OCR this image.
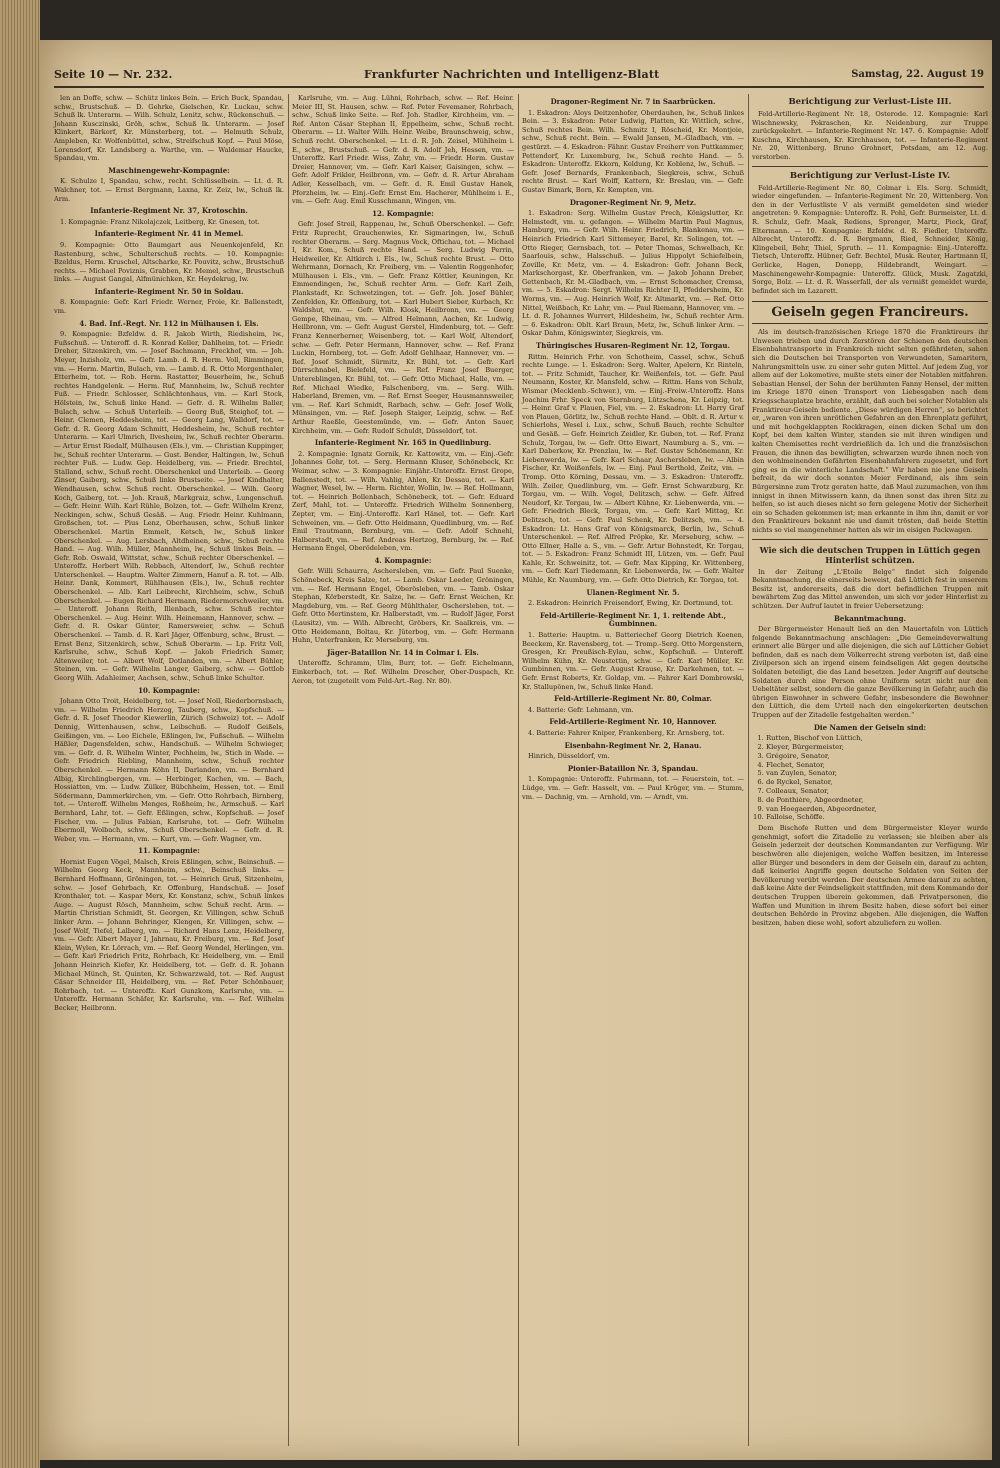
Seite 10 — Nr. 232.	Frankfurter Nachrichten und Intelligenz-Blatt	Samstag, 22. August 19

len an Doffe, schw. — Schütz linkes Bein. — Erich Buck, Spandau, schw., Brustschuß. — D. Gehrke, Gielschen, Kr. Luckau, schw. Schuß lk. Unterarm. — Wilh. Schulz, Lenitz, schw., Rückenschuß. — Johann Kusczinski, Gröh, schw., Schuß lk. Unterarm. — Josef Klinkert, Bärkorf, Kr. Münsterberg, tot. — Helmuth Schulz, Ampleben, Kr. Wolfenbüttel, schw., Streifschuß Kopf. — Paul Möse, Lorensdorf, Kr. Landsberg a. Warthe, vm. — Waldemar Haucke, Spandau, vm.

Maschinengewehr-Kompagnie:

K. Schulze I, Spandau, schw., recht. Schlüsselbein. — Lt. d. R. Walchner, tot. — Ernst Bergmann, Laxna, Kr. Zeiz, lw., Schuß lk. Arm.

Infanterie-Regiment Nr. 37, Krotoschin.

1. Kompagnie: Franz Nikolajczek, Leitberg, Kr. Gnesen, tot.

Infanterie-Regiment Nr. 41 in Memel.

9. Kompagnie: Otto Baumgart aus Neuenkojenfeld, Kr. Rastenburg, schw., Schulterschuß rechts. — 10. Kompagnie: Bzeldus, Herm. Kruschel, Altscharke, Kr. Pouvitz, schw., Brustschuß rechts. — Michael Poviznis, Grabben, Kr. Memel, schw., Brustschuß links. — August Gangal, Alfmünichken, Kr. Heydekrug, lw.

Infanterie-Regiment Nr. 50 in Soldau.

8. Kompagnie: Gefr. Karl Friedr. Werner, Froie, Kr. Ballenstedt, vm.

4. Bad. Inf.-Regt. Nr. 112 in Mülhausen i. Els.

9. Kompagnie: Bzfeldw. d. R. Jakob Wirth, Riedisheim, lw., Fußschuß. — Unteroff. d. R. Konrad Keller, Dahlheim, tot. — Friedr. Dreher, Sitzenkirch, vm. — Josef Bachmann, Freckhof, vm. — Joh. Meyer, Inzisholz, vm. — Gefr. Lamb. d. R. Herm. Voll, Rimmingen, vm. — Herm. Martin, Bulach, vm. — Lamb. d. R. Otto Morgenthaler, Etterheim, tot. — Rob. Herm. Rastatter, Beuerheim, lw., Schuß rechtes Handgelenk. — Herm. Ruf, Mannheim, lw., Schuß rechter Fuß. — Friedr. Schlosser, Schlächtenhaus, vm. — Karl Stock, Hölstein, lw., Schuß linke Hand. — Gefr. d. R. Wilhelm Baller, Bulach, schw. — Schuß Unterleib. — Georg Buß, Steighof, tot. — Heinr. Clemen, Heddesheim, tot. — Georg Lang, Walldorf, tot. — Gefr. d. R. Georg Adam Schmitt, Heddesheim, lw., Schuß rechter Unterarm. — Karl Ulmrich, Ilvesheim, lw., Schuß rechter Oberarm. — Artur Ernst Riedalf, Mülhausen (Els.), vm. — Christian Kuppinger, lw., Schuß rechter Unterarm. — Gust. Bender, Haltingen, lw., Schuß rechter Fuß. — Ludw. Gep. Heidelberg, vm. — Friedr. Brechtel, Stalland, schw., Schuß recht. Oberschenkel und Unterleib. — Georg Zinser, Gaiberg, schw., Schuß linke Brustseite. — Josef Kindhalter, Wendhausen, schw. Schuß recht. Oberschenkel. — Wilh. Georg Koch, Gaiberg, tot. — Joh. Krauß, Markgraiz, schw., Lungenschuß. — Gefr. Heinr. Wilh. Karl Rühle, Bolzen, tot. — Gefr. Wilhelm Krenz, Neckingen, schw., Schuß Gesäß. — Aug. Friedr. Heinr. Kuhlmann, Großschen, tot. — Pius Lenz, Oberhausen, schw., Schuß linker Oberschenkel. Martin Emmelt, Ketsch, lw., Schuß linker Oberschenkel. — Aug. Lersbach, Altdheinen, schw., Schuß rechte Hand. — Aug. Wilh. Müller, Mannheim, lw., Schuß linkes Bein. — Gefr. Rob. Oswald, Wittstat, schw., Schuß rechter Oberschenkel. — Unteroffz. Herbert Wilh. Rebbach, Altendorf, lw., Schuß rechter Unterschenkel. — Hauptm. Walter Zimmern, Hanuf a. R. tot. — Alb. Heinr. Dank, Kommert, Rühlhausen (Els.), lw., Schuß rechter Oberschenkel. — Alb. Karl Leibrecht, Kirchheim, schw., Schuß Oberschenkel. — Eugen Richard Hermann, Riedermorschweiler, vm. — Unteroff. Johann Reith, Illenbach, schw. Schuß rechter Oberschenkel. — Aug. Heinr. Wilh. Heinemann, Hannover, schw. — Gefr. d. R. Oskar Günter, Ramersweier, schw. — Schuß Oberschenkel. — Tamb. d. R. Karl Jäger, Offenburg, schw., Brust. — Ernst Benz, Sitzenkirch, schw., Schuß Oberarm. — Lp. Fritz Voll, Karlsruhe, schw., Schuß Kopf. — Jakob Friedrich Samer, Altenweiler, tot. — Albert Wolf, Dotlanden, vm. — Albert Bühler, Steinen, vm. — Gefr. Wilhelm Langer, Gaiberg, schw. — Gottlob Georg Wilh. Adahleimer, Aachsen, schw., Schuß linke Schulter.

10. Kompagnie:

Johann Otto Troit, Heidelberg, tot. — Josef Noll, Riederbornsbach, vm. — Wilhelm Friedrich Herzog, Tauberg, schw., Kopfschuß. — Gefr. d. R. Josef Theodor Kiewerlin, Zürich (Schweiz) tot. — Adolf Dennig, Wittenhausen, schw., Leibschuß. — Rudolf Geißels, Geißingen, vm. — Leo Eichele, Eßlingen, lw., Fußschuß. — Wilhelm Häßler, Dagensfelden, schw., Handschuß. — Wilhelm Schwieger, vm. — Gefr. d. R. Wilhelm Winter, Pochheim, lw., Stich in Wade. — Gefr. Friedrich Riebling, Mannheim, schw., Schuß rechter Oberschenkel. — Hermann Köhn II, Darlanden, vm. — Bernhard Albig, Kirchlingbergen, vm. — Herbinger, Kachen, vm. — Bach, Hossiatten, vm. — Ludw. Zülker, Bübchheim, Hessen, tot. — Emil Södermann, Dammerkirchen, vm. — Gefr. Otto Rohrbach, Birnberg, tot. — Unteroff. Wilhelm Menges, Roßheim, lw., Armschuß. — Karl Bernhard, Lahr, tot. — Gefr. Eßlingen, schw., Kopfschuß. — Josef Fischer, vm. — Julius Fabian, Karlsruhe, tot. — Gefr. Wilhelm Ebermoll, Wolbach, schw., Schuß Oberschenkel. — Gefr. d. R. Weber, vm. — Hermann, vm. — Kurt, vm. — Gefr. Wagner, vm.

11. Kompagnie:

Hornist Eugen Vögel, Malsch, Kreis Eßlingen, schw., Beinschuß. — Wilhelm Georg Keck, Mannheim, schw., Beinschuß links. — Bernhard Hoffmann, Gröningen, tot. — Heinrich Gruß, Sitzenheim, schw. — Josef Gehrbach, Kr. Offenburg, Handschuß. — Josef Kronthaler, tot. — Kaspar Merx, Kr. Konstanz, schw., Schuß linkes Auge. — August Rösch, Mannheim, schw. Schuß recht. Arm. — Martin Christian Schmidt, St. Georgen, Kr. Villingen, schw. Schuß linker Arm. — Johann Behringer, Klengen, Kr. Villingen, schw. — Josef Wolf, Tiefel, Lalberg, vm. — Richard Hans Lenz, Heidelberg, vm. — Gefr. Albert Mayer I, Jahrnau, Kr. Freiburg, vm. — Ref. Josef Klein, Wylen, Kr. Lörrach, vm. — Ref. Georg Wendel, Herlingen, vm. — Gefr. Karl Friedrich Fritz, Rohrbach, Kr. Heidelberg, vm. — Emil Johann Heinrich Kiefer, Kr. Heidelberg, tot. — Gefr. d. R. Johann Michael Münch, St. Quinten, Kr. Schwarzwald, tot. — Ref. August Cäsar Schneider III, Heidelberg, vm. — Ref. Peter Schönbauer, Rohrbach, tot. — Unteroffz. Karl Gunzkom, Karlsruhe, vm. — Unteroffz. Hermann Schäfer, Kr. Karlsruhe, vm. — Ref. Wilhelm Becker, Heilbronn.

Karlsruhe, vm. — Aug. Lühni, Rohrbach, schw. — Ref. Heinr. Meier III, St. Hausen, schw. — Ref. Peter Fevemaner, Rohrbach, schw., Schuß linke Seite. — Ref. Joh. Stadler, Kirchheim, vm. — Ref. Anton Cäsar Stephan II, Eppelheim, schw., Schuß recht. Oberarm. — Lt. Walter Wilh. Heinr. Weibe, Braunschweig, schw., Schuß recht. Oberschenkel. — Lt. d. R. Joh. Zeisel, Mühlheim i. E., schw., Brustschuß. — Gefr. d. R. Adolf Jeh, Hessen, vm. — Unteroffz. Karl Friedr. Wiss, Zahr, vm. — Friedr. Herm. Gustav Dreier, Hannover, vm. — Gefr. Karl Kaiser, Gaisingen, schw. — Gefr. Adolf Frikler, Heilbronn, vm. — Gefr. d. R. Artur Abraham Adler, Kesselbach, vm. — Gefr. d. R. Emil Gustav Hanek, Pforzheim, lw. — Einj.-Gefr. Ernst Em. Hacherer, Mühlheim i. E., vm. — Gefr. Aug. Emil Kusschmann, Wingen, vm.

12. Kompagnie:

Gefr. Josef Streil, Rappenau, lw., Schuß Oberschenkel. — Gefr. Fritz Ruprecht, Grauchenwies, Kr. Sigmaringen, lw., Schuß rechter Oberarm. — Serg. Magnus Vock, Oftichau, tot. — Michael I, Kr. Kom., Schuß rechte Hand. — Serg. Ludwig Perrin, Heidweiler, Kr. Altkirch i. Els., lw., Schuß rechte Brust. — Otto Wehrmann, Dornach, Kr. Freiberg, vm. — Valentin Roggenhofer, Mülhausen i. Els., vm. — Gefr. Franz Köttler, Keuningen, Kr. Emmendingen, lw., Schuß rechter Arm. — Gefr. Karl Zeih, Plankstadt, Kr. Schwetzingen, tot. — Gefr. Joh. Josef Bühler, Zenfelden, Kr. Offenburg, tot. — Karl Hubert Sieber, Kurbach, Kr. Waldshut, vm. — Gefr. Wilh. Klosk, Heilbronn, vm. — Georg Gempe, Rheinau, vm. — Alfred Helmann, Aachen, Kr. Ludwig, Heilbronn, vm. — Gefr. August Gerstel, Hindenburg, tot. — Gefr. Franz Kennerherner, Weisenberg, tot. — Karl Wolf, Altendorf, schw. — Gefr. Peter Hermann, Hannover, schw. — Ref. Franz Luckin, Hornberg, tot. — Gefr. Adolf Gehlhaar, Hannover, vm. — Ref. Josef Schmidt, Sürmitz, Kr. Bühl, tot. — Gefr. Karl Dürrschnabel, Bielefeld, vm. — Ref. Franz Josef Buerger, Untereblingen, Kr. Bühl, tot. — Gefr. Otto Michael, Halle, vm. — Ref. Michael Wiedke, Falschenberg, vm. — Serg. Wilh. Haberland, Bremen, vm. — Ref. Ernst Seeger, Hausmannsweiler, vm. — Ref. Karl Schmidt, Rarbach, schw. — Gefr. Josef Wolk, Münsingen, vm. — Ref. Joseph Staiger, Leipzig, schw. — Ref. Arthur Raeßle, Geestemünde, vm. — Gefr. Anton Sauer, Kirchheim, vm. — Gefr. Rudolf Schuldt, Düsseldorf, tot.

Infanterie-Regiment Nr. 165 in Quedlinburg.

2. Kompagnie: Ignatz Gornik, Kr. Kattowitz, vm. — Einj.-Gefr. Johannes Gohr, tot. — Serg. Hermann Kluser, Schönebeck, Kr. Weimar, schw. — 3. Kompagnie: Einjähr.-Unteroffz. Ernst Grope, Ballenstedt, tot. — Wilh. Vahlig, Ahlen, Kr. Dessau, tot. — Karl Wagner, Wesel, lw. — Herm. Richter, Wollin, lw. — Ref. Hollmann, tot. — Heinrich Bollenbach, Schönebeck, tot. — Gefr. Eduard Zerf, Mahl, tot. — Unteroffz. Friedrich Wilhelm Sonnenberg, Zepter, vm. — Einj.-Unteroffz. Karl Hänel, tot. — Gefr. Karl Schweinen, vm. — Gefr. Otto Heidmann, Quedlinburg, vm. — Ref. Emil Trautmann, Bernburg, vm. — Gefr. Adolf Schnehl, Halberstadt, vm. — Ref. Andreas Hertzog, Bernburg, lw. — Ref. Hermann Engel, Oberödeleben, vm.

4. Kompagnie:

Gefr. Willi Schaurra, Aschersleben, vm. — Gefr. Paul Suenke, Schönebeck, Kreis Salze, tot. — Lamb. Oskar Leeder, Gröningen, vm. — Ref. Hermann Engel, Oberösleben, vm. — Tamb. Oskar Stephan, Körberstedt, Kr. Salze, lw. — Gefr. Ernst Weichen, Kr. Magdeburg, vm. — Ref. Georg Mühlthaler, Oschersleben, tot. — Gefr. Otto Mertinstem, Kr. Halberstadt, vm. — Rudolf Jäger, Forst (Lausitz), vm. — Wilh. Albrecht, Gröbers, Kr. Saalkreis, vm. — Otto Heidemann, Boltau, Kr. Jüterbog, vm. — Gefr. Hermann Huhn, Unterfranken, Kr. Merseburg, vm.

Jäger-Bataillon Nr. 14 in Colmar i. Els.

Unteroffz. Schramm, Ulm, Burr, tot. — Gefr. Eichelmann, Einkerbach, tot. — Ref. Wilhelm Drescher, Ober-Duspach, Kr. Aeron, tot (zugeteilt vom Feld-Art.-Reg. Nr. 80).

Dragoner-Regiment Nr. 7 in Saarbrücken.

1. Eskadron: Aloys Deitzenhofer, Oberdauhen, lw., Schuß linkes Bein. — 3. Eskadron: Peter Ludwig, Platten, Kr. Wittlich, schw., Schuß rechtes Bein. Wilh. Schmitz I, Röscheid, Kr. Montjoie, schw., Schuß recht. Bein. — Ewald Jansen, M.-Gladbach, vm. — gestürzt. — 4. Eskadron: Fähnr. Gustav Freiherr von Puttkammer, Pettendorf, Kr. Luxemburg, lw., Schuß rechte Hand. — 5. Eskadron: Unteroffz. Ekkorn, Keldung, Kr. Koblenz, lw., Schuß. — Gefr. Josef Bernards, Frankenbach, Siegkreis, schw., Schuß rechte Brust. — Karl Wolff, Kattern, Kr. Breslau, vm. — Gefr. Gustav Bimark, Born, Kr. Kempten, vm.

Dragoner-Regiment Nr. 9, Metz.

1. Eskadron: Serg. Wilhelm Gustav Prech, Königslutter, Kr. Helmstedt, vm. u. gefangen. — Wilhelm Martin Paul Magnus, Hamburg, vm. — Gefr. Wilh. Heinr. Friedrich, Blankenau, vm. — Heinrich Friedrich Karl Sittemeyer, Barel, Kr. Solingen, tot. — Otto Rieger, Gernsbach, tot. — Peter Thomas, Schwelbach, Kr. Saarlouis, schw., Halsschuß. — Julius Hippolyt Schiefelbein, Zoville, Kr. Metz, vm. — 4. Eskadron: Gefr. Johann Beck, Markschorgast, Kr. Oberfranken, vm. — Jakob Johann Dreber, Gettenbach, Kr. M.-Gladbach, vm. — Ernst Schomacher, Cremsa, vm. — 5. Eskadron: Sergt. Wilhelm Richter II, Pfeddersheim, Kr. Worms, vm. — Aug. Heinrich Wolf, Kr. Altmarkt, vm. — Ref. Otto Nittel, Weißbach, Kr. Lahr, vm. — Paul Riemann, Hannover, vm. — Lt. d. R. Johannes Wurrert, Hildesheim, lw., Schuß rechter Arm. — 6. Eskadron: Oblt. Karl Braun, Metz, lw., Schuß linker Arm. — Oskar Dahm, Königswinter, Siegkreis, vm.

Thüringisches Husaren-Regiment Nr. 12, Torgau.

Rittm. Heinrich Frhr. von Schotheim, Cassel, schw., Schuß rechte Lunge. — 1. Eskadron: Serg. Walter, Apelern, Kr. Rinteln, tot. — Fritz Schmidt, Taucher, Kr. Weißenfels, tot. — Gefr. Paul Neumann, Koster, Kr. Mansfeld, schw. — Rittm. Hans von Schulz, Wismar (Mecklenb.-Schwer.), vm. — Einj.-Freiw.-Unteroffz. Hans Joachim Frhr. Speck von Sternburg, Lützschena, Kr. Leipzig, tot. — Heinr. Graf v. Plauen, Fiel, vm. — 2. Eskadron: Lt. Harry Graf von Plauen, Görlitz, lw., Schuß rechte Hand. — Oblt. d. R. Artur v. Schierlohs, Wesel i. Lux., schw., Schuß Bauch, rechte Schulter und Gesäß. — Gefr. Heinrich Zeidler, Kr. Guben, tot. — Ref. Franz Schulz, Torgau, lw. — Gefr. Otto Eiwart, Naumburg a. S., vm. — Karl Daberkow, Kr. Prenzlau, lw. — Ref. Gustav Schönemann, Kr. Liebenwerda, lw. — Gefr. Karl Schaar, Aschersleben, lw. — Albin Fischer, Kr. Weißenfels, lw. — Einj. Paul Berthold, Zeitz, vm. — Tromp. Otto Körning, Dessau, vm. — 3. Eskadron: Unteroffz. Wilh. Zeiler, Quedlinburg, vm. — Gefr. Ernst Schwarzburg, Kr. Torgau, vm. — Wilh. Vogel, Delitzsch, schw. — Gefr. Alfred Neudorf, Kr. Torgau, lw. — Albert Kühne, Kr. Liebenwerda, vm. — Gefr. Friedrich Bleck, Torgau, vm. — Gefr. Karl Mittag, Kr. Delitzsch, tot. — Gefr. Paul Schenk, Kr. Delitzsch, vm. — 4. Eskadron: Lt. Hans Graf von Königsmarck, Berlin, lw., Schuß Unterschenkel. — Ref. Alfred Pröpke, Kr. Merseburg, schw. — Otto Ellner, Halle a. S., vm. — Gefr. Artur Bohnstedt, Kr. Torgau, tot. — 5. Eskadron: Franz Schmidt III, Lützen, vm. — Gefr. Paul Kahle, Kr. Schweinitz, tot. — Gefr. Max Kipping, Kr. Wittenberg, vm. — Gefr. Karl Tiedemann, Kr. Liebenwerda, lw. — Gefr. Walter Mühle, Kr. Naumburg, vm. — Gefr. Otto Dietrich, Kr. Torgau, tot.

Ulanen-Regiment Nr. 5.

2. Eskadron: Heinrich Freisendorf, Ewing, Kr. Dortmund, tot.

Feld-Artillerie-Regiment Nr. 1, 1. reitende Abt., Gumbinnen.

1. Batterie: Hauptm. u. Batteriechef Georg Dietrich Koenen, Beeckem, Kr. Ravensberg, tot. — Tromp.-Serg. Otto Morgenstern, Gresgen, Kr. Preußisch-Eylau, schw., Kopfschuß. — Unteroff. Wilhelm Kühn, Kr. Neustettin, schw. — Gefr. Karl Müller, Kr. Gumbinnen, vm. — Gefr. August Krause, Kr. Darkehmen, tot. — Gefr. Ernst Roberts, Kr. Goldap, vm. — Fahrer Karl Dombrowski, Kr. Stallupönen, lw., Schuß linke Hand.

Feld-Artillerie-Regiment Nr. 80, Colmar.

4. Batterie: Gefr. Lehmann, vm.

Feld-Artillerie-Regiment Nr. 10, Hannover.

4. Batterie: Fahrer Kniper, Frankenberg, Kr. Arnsberg, tot.

Eisenbahn-Regiment Nr. 2, Hanau.

Hinrich, Düsseldorf, vm.

Pionier-Bataillon Nr. 3, Spandau.

1. Kompagnie: Unteroffz. Fuhrmann, tot. — Feuerstein, tot. — Lüdge, vm. — Gefr. Hasselt, vm. — Paul Krüger, vm. — Stumm, vm. — Dachnig, vm. — Arnhold, vm. — Arndt, vm.

Berichtigung zur Verlust-Liste III.

Feld-Artillerie-Regiment Nr. 18, Osterode. 12. Kompagnie: Karl Wischnewsky, Pokraschen, Kr. Neidenburg, zur Truppe zurückgekehrt. — Infanterie-Regiment Nr. 147. 6. Kompagnie: Adolf Kuschna, Kirchhausen, Kr. Kirchhausen, tot. — Infanterie-Regiment Nr. 20, Wittenberg. Bruno Grohnert, Potsdam, am 12. Aug. verstorben.

Berichtigung zur Verlust-Liste IV.

Feld-Artillerie-Regiment Nr. 80, Colmar i. Els. Serg. Schmidt, wieder eingefunden. — Infanterie-Regiment Nr. 20, Wittenberg. Von den in der Verlustliste V als vermißt gemeldeten sind wieder angetreten: 9. Kompagnie: Unteroffz. R. Pohl, Gefr. Burmeister, Lt. d. R. Schulz, Gefr. Maak, Rediens, Sprenger, Martz, Pieck, Graf, Eltermann. — 10. Kompagnie: Bzfeldw. d. R. Fiedler, Unteroffz. Albrecht, Unteroffz. d. R. Bergmann, Ried, Schneider, König, Klingebeil, Behr, Thiel, Spruth. — 11. Kompagnie: Einj.-Unteroffz. Tietsch, Unteroffz. Hübner, Gefr. Bechtel, Musk. Reuter, Hartmann II, Gerlicke, Hagen, Donepp, Hildebrandt, Weingart. — Maschinengewehr-Kompagnie: Unteroffz. Glück, Musk. Zagatzki, Sorge, Bolz. — Lt. d. R. Wasserfall, der als vermißt gemeldet wurde, befindet sich im Lazarett.

Geiseln gegen Francireurs.

Als im deutsch-französischen Kriege 1870 die Franktireurs ihr Unwesen trieben und durch Zerstören der Schienen den deutschen Eisenbahntransporte in Frankreich nicht selten gefährdeten, sahen sich die Deutschen bei Transporten von Verwundeten, Samaritern, Nahrungsmitteln usw. zu einer sehr guten Mittel. Auf jedem Zug, vor allem auf der Lokomotive, mußte stets einer der Notablen mitfahren. Sebastian Hensel, der Sohn der berühmten Fanny Hensel, der mitten im Kriege 1870 einen Transport von Liebesgaben nach dem Kriegsschauplatze brachte, erzählt, daß auch bei solcher Notablen als Franktireur-Geiseln bediente. „Diese würdigen Herren“, so berichtet er, „waren von ihren unrötlichen Gefahren an den Ehrenplatz geführt, und mit hochgeklappten Rockkragen, einen dicken Schal um den Kopf, bei dem kalten Winter, standen sie mit ihren windigen und kalten Chemisettes recht verdrießlich da. Ich und die französischen Frauen, die ihnen das bewilligten, schwarzen wurde ihnen noch von den wohlmeinenden Gefährten Eisenbahnfahrern zugesetzt, und fort ging es in die winterliche Landschaft.“ Wir haben nie jene Geiseln befreit, da wir doch sonnten Meier Ferdinand, als ihm sein Bürgersinne zum Trotz geraten hatte, daß Maul zuzumachen, von ihm innigst in ihnen Mitwissern kann, da ihnen sonst das ihren Sitz zu helfen, so ist auch dieses nicht so fern gelegene Motiv der Sicherheit ein so Schaden gekommen ist; man erkannte in ihm ihn, damit er vor den Franktireurs bekannt nie und damit trösten, daß beide Stettin nichts so viel mangenehmer hatten als wir im eisigen Packwagen.

Wie sich die deutschen Truppen in Lüttich gegen Hinterlist schützen.

In der Zeitung „L'Etoile Belge“ findet sich folgende Bekanntmachung, die einerseits beweist, daß Lüttich fest in unserem Besitz ist, andererseits, daß die dort befindlichen Truppen mit bewährtem Zug das Mittel anwenden, um sich vor jeder Hinterlist zu schützen. Der Aufruf lautet in freier Uebersetzung:

Bekanntmachung.

Der Bürgermeister Henault ließ an den Mauertafeln von Lüttich folgende Bekanntmachung anschlagen: „Die Gemeindeverwaltung erinnert alle Bürger und alle diejenigen, die sich auf Lütticher Gebiet befinden, daß es nach dem Völkerrecht streng verboten ist, daß eine Zivilperson sich an irgend einem feindseligen Akt gegen deutsche Soldaten beteiligt, die das Land besetzen. Jeder Angriff auf deutsche Soldaten durch eine Person ohne Uniform setzt nicht nur den Uebeltäter selbst, sondern die ganze Bevölkerung in Gefahr, auch die übrigen Einwohner in schwere Gefahr, insbesondere die Bewohner den Lüttich, die dem Urteil nach den eingekerkerten deutschen Truppen auf der Zitadelle festgehalten werden.“

Die Namen der Geiseln sind:
1. Rutten, Bischof von Lüttich,
2. Kleyer, Bürgermeister,
3. Grégoire, Senator,
4. Flechet, Senator,
5. van Zuylen, Senator,
6. de Ryckel, Senator,
7. Colleaux, Senator,
8. de Ponthière, Abgeordneter,
9. van Hoegaerden, Abgeordneter,
10. Falloise, Schöffe.

Dem Bischofe Rutten und dem Bürgermeister Kleyer wurde genehmigt, sofort die Zitadelle zu verlassen; sie bleiben aber als Geiseln jederzeit der deutschen Kommandanten zur Verfügung. Wir beschwören alle diejenigen, welche Waffen besitzen, im Interesse aller Bürger und besonders in dem der Geiseln ein, darauf zu achten, daß keinerlei Angriffe gegen deutsche Soldaten von Seiten der Bevölkerung verübt werden. Der deutschen Armee darauf zu achten, daß keine Akte der Feindseligkeit stattfinden, mit dem Kommando der deutschen Truppen überein gekommen, daß Privatpersonen, die Waffen und Munition in ihrem Besitz haben, diese sofort bei einer deutschen Behörde in Provinz abgeben. Alle diejenigen, die Waffen besitzen, haben diese wohl, sofort abzuliefern zu wollen.
